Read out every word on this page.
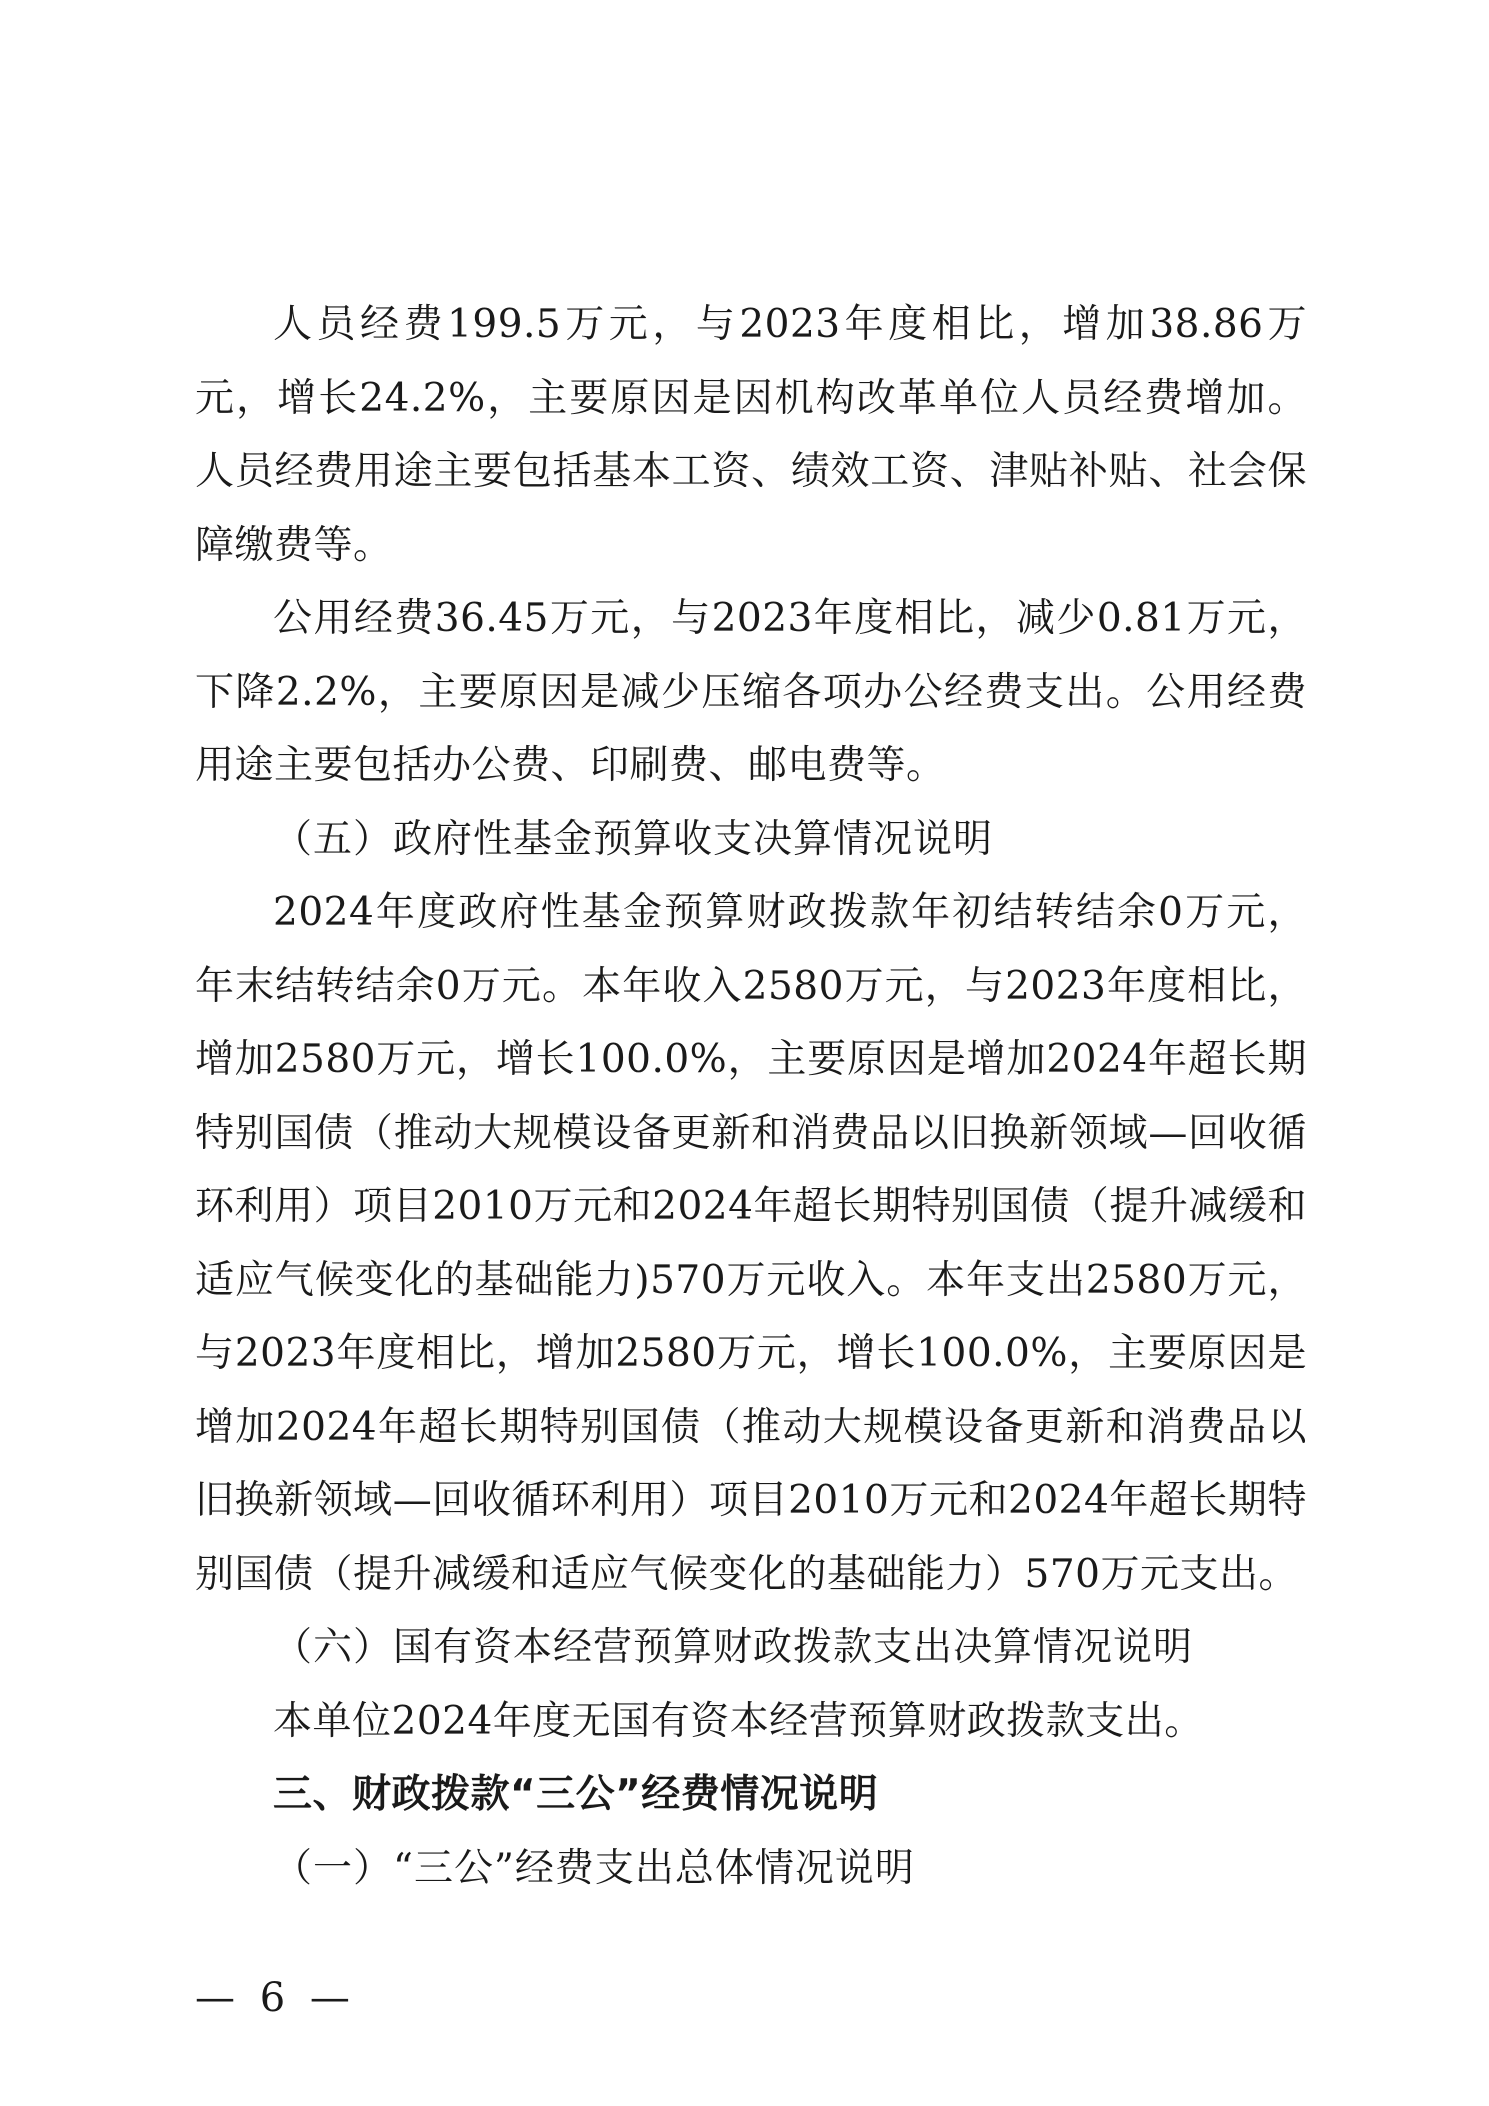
人员经费199.5万元，与2023年度相比，增加38.86万元，增长24.2%，主要原因是因机构改革单位人员经费增加。人员经费用途主要包括基本工资、绩效工资、津贴补贴、社会保障缴费等。

公用经费36.45万元，与2023年度相比，减少0.81万元，下降2.2%，主要原因是减少压缩各项办公经费支出。公用经费用途主要包括办公费、印刷费、邮电费等。

（五）政府性基金预算收支决算情况说明

2024年度政府性基金预算财政拨款年初结转结余0万元，年末结转结余0万元。本年收入2580万元，与2023年度相比，增加2580万元，增长100.0%，主要原因是增加2024年超长期特别国债（推动大规模设备更新和消费品以旧换新领域—回收循环利用）项目2010万元和2024年超长期特别国债（提升减缓和适应气候变化的基础能力)570万元收入。本年支出2580万元，与2023年度相比，增加2580万元，增长100.0%，主要原因是增加2024年超长期特别国债（推动大规模设备更新和消费品以旧换新领域—回收循环利用）项目2010万元和2024年超长期特别国债（提升减缓和适应气候变化的基础能力）570万元支出。

（六）国有资本经营预算财政拨款支出决算情况说明

本单位2024年度无国有资本经营预算财政拨款支出。

三、财政拨款“三公”经费情况说明

（一）“三公”经费支出总体情况说明

— 6 —
